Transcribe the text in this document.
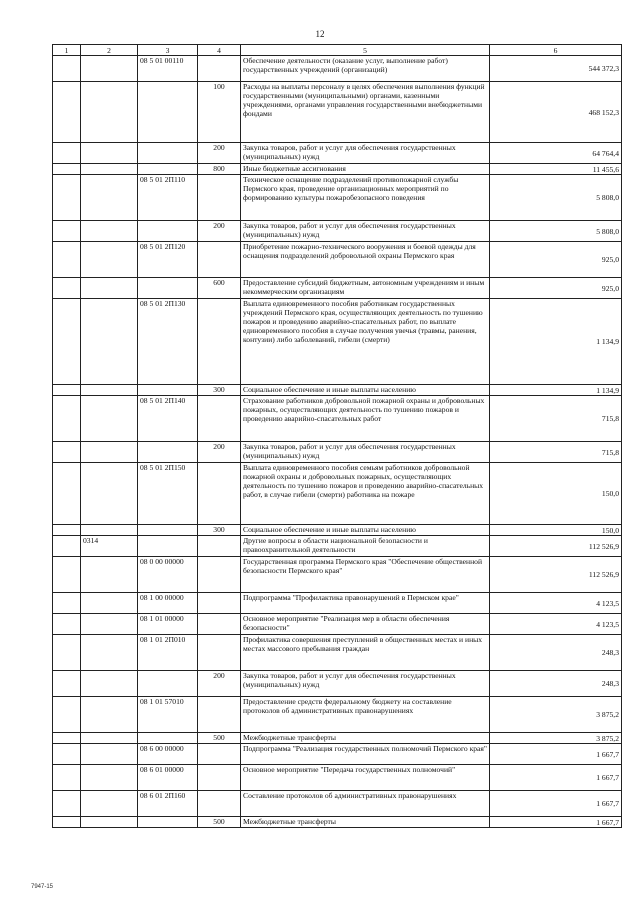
12
1	2	3	4	5	6
		08 5 01 00110		Обеспечение деятельности (оказание услуг, выполнение работ) государственных учреждений (организаций)	544 372,3
			100	Расходы на выплаты персоналу в целях обеспечения выполнения функций государственными (муниципальными) органами, казенными учреждениями, органами управления государственными внебюджетными фондами	468 152,3
			200	Закупка товаров, работ и услуг для обеспечения государственных (муниципальных) нужд	64 764,4
			800	Иные бюджетные ассигнования	11 455,6
		08 5 01 2П110		Техническое оснащение подразделений противопожарной службы Пермского края, проведение организационных мероприятий по формированию культуры пожаробезопасного поведения	5 808,0
			200	Закупка товаров, работ и услуг для обеспечения государственных (муниципальных) нужд	5 808,0
		08 5 01 2П120		Приобретение пожарно-технического вооружения и боевой одежды для оснащения подразделений добровольной охраны Пермского края	925,0
			600	Предоставление субсидий бюджетным, автономным учреждениям и иным некоммерческим организациям	925,0
		08 5 01 2П130		Выплата единовременного пособия работникам государственных учреждений Пермского края, осуществляющих деятельность по тушению пожаров и проведению аварийно-спасательных работ, по выплате единовременного пособия в случае получения увечья (травмы, ранения, контузии) либо заболеваний, гибели (смерти)	1 134,9
			300	Социальное обеспечение и иные выплаты населению	1 134,9
		08 5 01 2П140		Страхование работников добровольной пожарной охраны и добровольных пожарных, осуществляющих деятельность по тушению пожаров и проведению аварийно-спасательных работ	715,8
			200	Закупка товаров, работ и услуг для обеспечения государственных (муниципальных) нужд	715,8
		08 5 01 2П150		Выплата единовременного пособия семьям работников добровольной пожарной охраны и добровольных пожарных, осуществляющих деятельность по тушению пожаров и проведению аварийно-спасательных работ, в случае гибели (смерти) работника на пожаре	150,0
			300	Социальное обеспечение и иные выплаты населению	150,0
	0314			Другие вопросы в области национальной безопасности и правоохранительной деятельности	112 526,9
		08 0 00 00000		Государственная программа Пермского края "Обеспечение общественной безопасности Пермского края"	112 526,9
		08 1 00 00000		Подпрограмма "Профилактика правонарушений в Пермском крае"	4 123,5
		08 1 01 00000		Основное мероприятие "Реализация мер в области обеспечения безопасности"	4 123,5
		08 1 01 2П010		Профилактика совершения преступлений в общественных местах и иных местах массового пребывания граждан	248,3
			200	Закупка товаров, работ и услуг для обеспечения государственных (муниципальных) нужд	248,3
		08 1 01 57010		Предоставление средств федеральному бюджету на составление протоколов об административных правонарушениях	3 875,2
			500	Межбюджетные трансферты	3 875,2
		08 6 00 00000		Подпрограмма "Реализация государственных полномочий Пермского края"	1 667,7
		08 6 01 00000		Основное мероприятие "Передача государственных полномочий"	1 667,7
		08 6 01 2П160		Составление протоколов об административных правонарушениях	1 667,7
			500	Межбюджетные трансферты	1 667,7
7947-15
